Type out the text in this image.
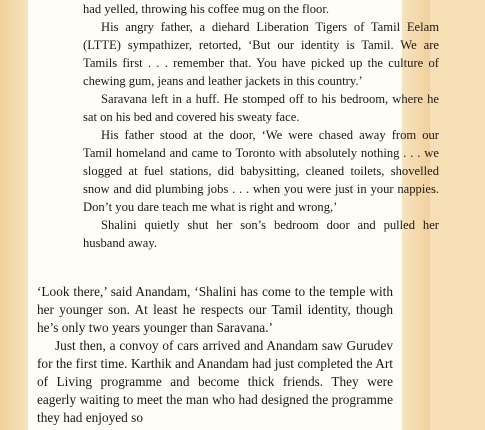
had yelled, throwing his coffee mug on the floor.

His angry father, a diehard Liberation Tigers of Tamil Eelam (LTTE) sympathizer, retorted, ‘But our identity is Tamil. We are Tamils first . . . remember that. You have picked up the culture of chewing gum, jeans and leather jackets in this country.’

Saravana left in a huff. He stomped off to his bedroom, where he sat on his bed and covered his sweaty face.

His father stood at the door, ‘We were chased away from our Tamil homeland and came to Toronto with absolutely nothing . . . we slogged at fuel stations, did babysitting, cleaned toilets, shovelled snow and did plumbing jobs . . . when you were just in your nappies. Don’t you dare teach me what is right and wrong,’

Shalini quietly shut her son’s bedroom door and pulled her husband away.

‘Look there,’ said Anandam, ‘Shalini has come to the temple with her younger son. At least he respects our Tamil identity, though he’s only two years younger than Saravana.’

Just then, a convoy of cars arrived and Anandam saw Gurudev for the first time. Karthik and Anandam had just completed the Art of Living programme and become thick friends. They were eagerly waiting to meet the man who had designed the programme they had enjoyed so
